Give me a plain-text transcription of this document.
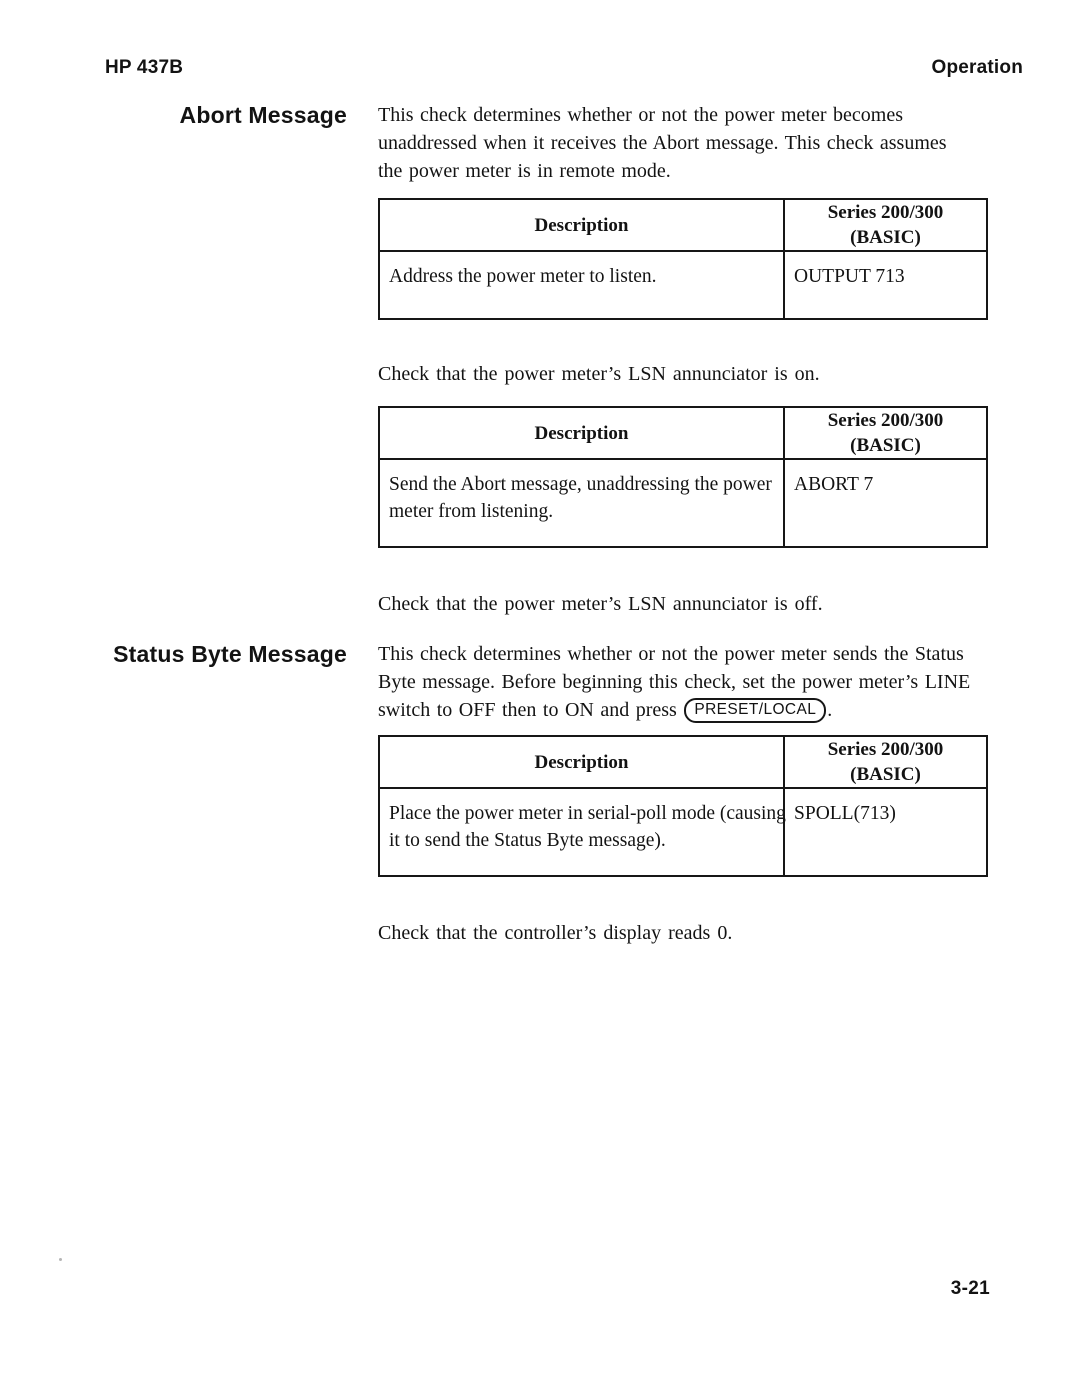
HP 437B	Operation
Abort Message This check determines whether or not the power meter becomes
unaddressed when it receives the Abort message. This check assumes
the power meter is in remote mode.
Description
Series 200/300
(BASIC)
Address the power meter to listen.	OUTPUT 713
Check that the power meter’s LSN annunciator is on.
Description
Series 200/300
(BASIC)
Send the Abort message, unaddressing the power
meter from listening.
ABORT 7
Check that the power meter’s LSN annunciator is off.
Status Byte Message This check determines whether or not the power meter sends the Status
Byte message. Before beginning this check, set the power meter’s LINE
switch to OFF then to ON and press PRESET/LOCAL .
Description
Series 200/300
(BASIC)
Place the power meter in serial-poll mode (causing
it to send the Status Byte message).
SPOLL(713)
Check that the controller’s display reads 0.
3-21
